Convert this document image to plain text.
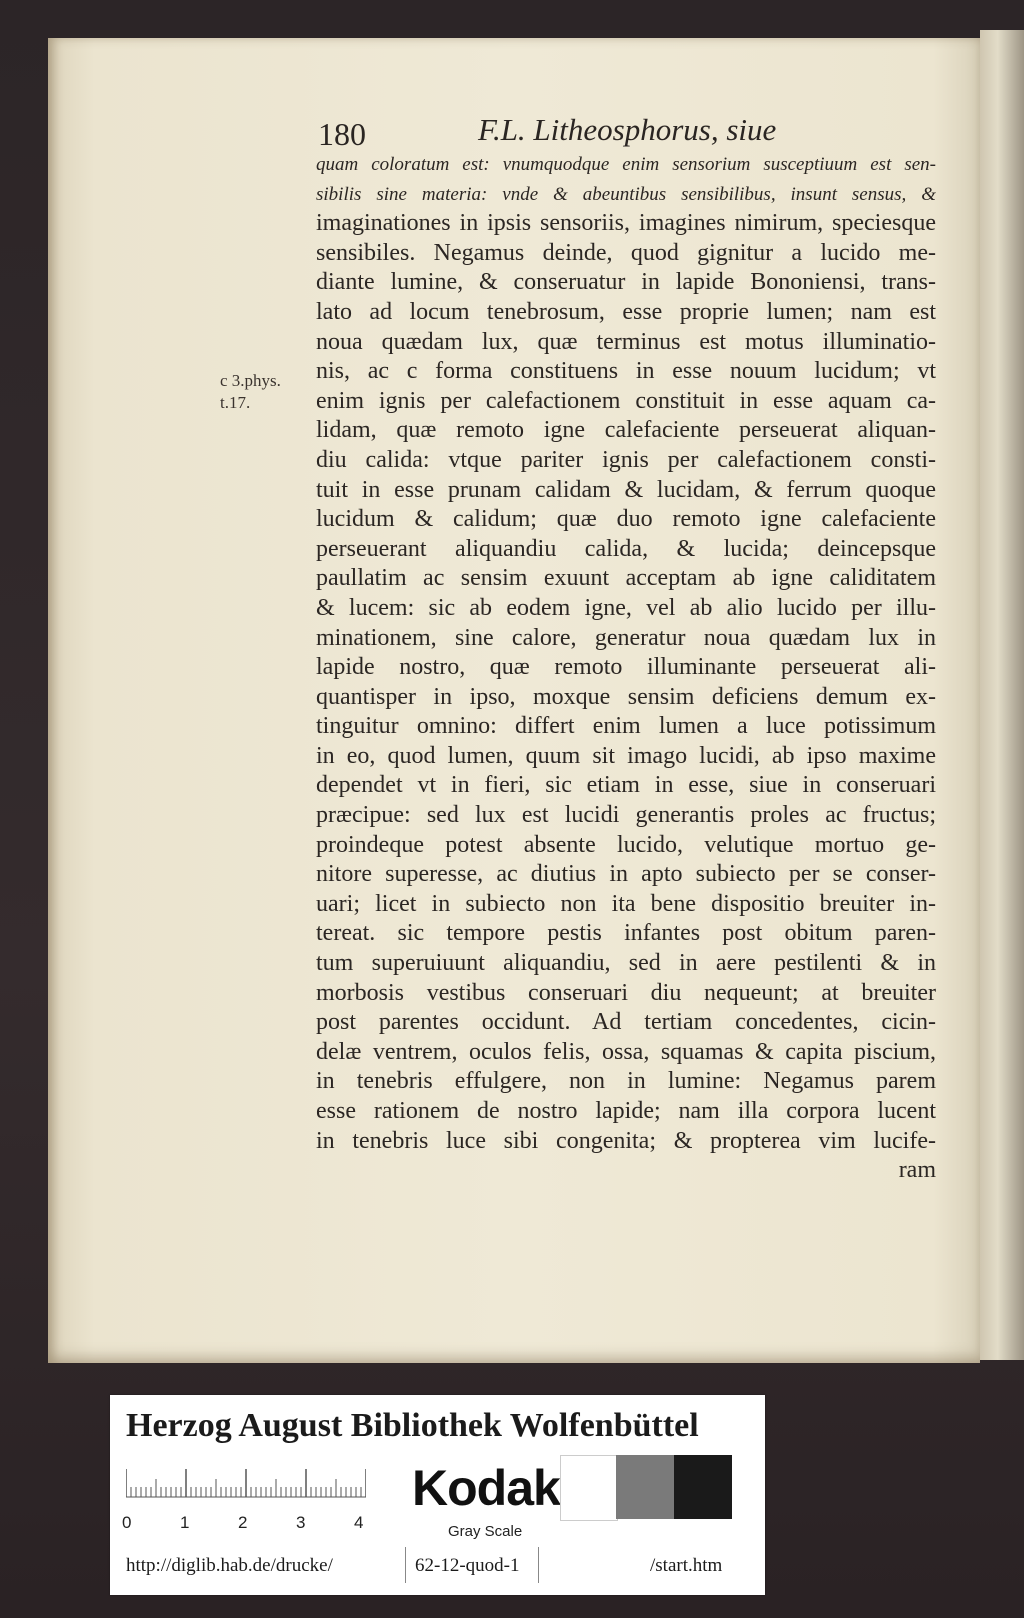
180	F.L. Litheosphorus, siue
c 3.phys.
t.17.
quam coloratum est: vnumquodque enim sensorium susceptiuum est sen-
sibilis sine materia: vnde & abeuntibus sensibilibus, insunt sensus, &
imaginationes in ipsis sensoriis, imagines nimirum, speciesque
sensibiles. Negamus deinde, quod gignitur a lucido me-
diante lumine, & conseruatur in lapide Bononiensi, trans-
lato ad locum tenebrosum, esse proprie lumen; nam est
noua quædam lux, quæ terminus est motus illuminatio-
nis, ac c forma constituens in esse nouum lucidum; vt
enim ignis per calefactionem constituit in esse aquam ca-
lidam, quæ remoto igne calefaciente perseuerat aliquan-
diu calida: vtque pariter ignis per calefactionem consti-
tuit in esse prunam calidam & lucidam, & ferrum quoque
lucidum & calidum; quæ duo remoto igne calefaciente
perseuerant aliquandiu calida, & lucida; deincepsque
paullatim ac sensim exuunt acceptam ab igne caliditatem
& lucem: sic ab eodem igne, vel ab alio lucido per illu-
minationem, sine calore, generatur noua quædam lux in
lapide nostro, quæ remoto illuminante perseuerat ali-
quantisper in ipso, moxque sensim deficiens demum ex-
tinguitur omnino: differt enim lumen a luce potissimum
in eo, quod lumen, quum sit imago lucidi, ab ipso maxime
dependet vt in fieri, sic etiam in esse, siue in conseruari
præcipue: sed lux est lucidi generantis proles ac fructus;
proindeque potest absente lucido, velutique mortuo ge-
nitore superesse, ac diutius in apto subiecto per se conser-
uari; licet in subiecto non ita bene dispositio breuiter in-
tereat. sic tempore pestis infantes post obitum paren-
tum superuiuunt aliquandiu, sed in aere pestilenti & in
morbosis vestibus conseruari diu nequeunt; at breuiter
post parentes occidunt. Ad tertiam concedentes, cicin-
delæ ventrem, oculos felis, ossa, squamas & capita piscium,
in tenebris effulgere, non in lumine: Negamus parem
esse rationem de nostro lapide; nam illa corpora lucent
in tenebris luce sibi congenita; & propterea vim lucife-
ram
Herzog August Bibliothek Wolfenbüttel
0	1	2	3	4
Kodak
Gray Scale
http://diglib.hab.de/drucke/	62-12-quod-1	/start.htm
